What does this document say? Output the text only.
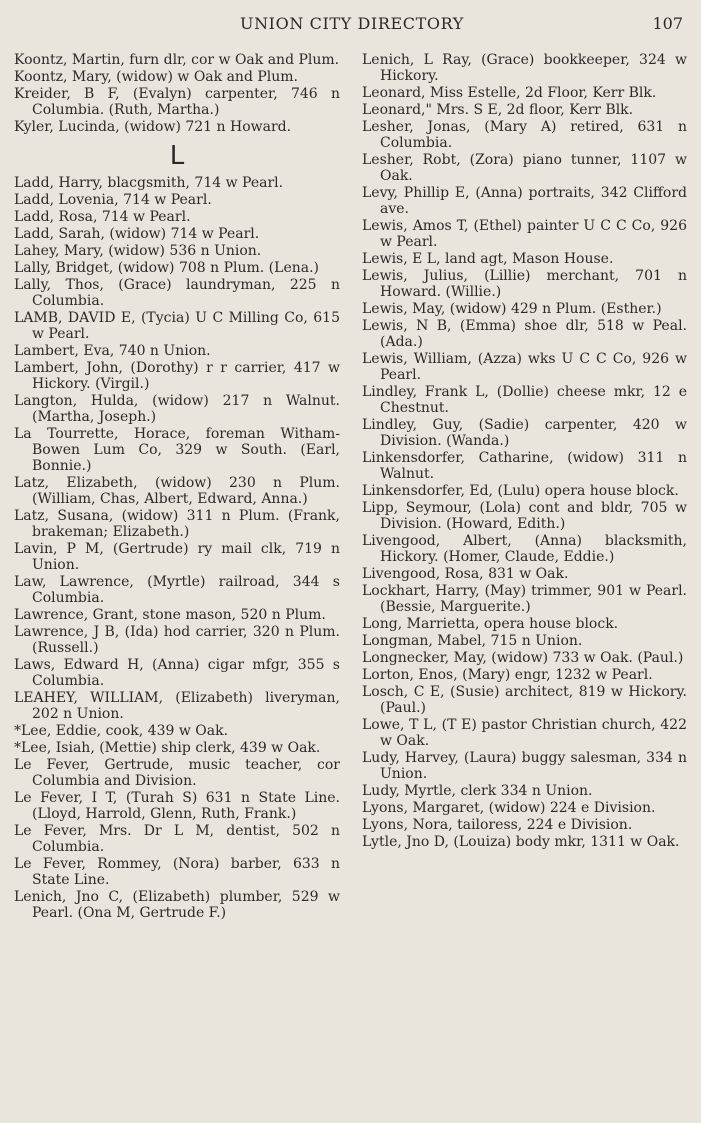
UNION CITY DIRECTORY	107
Koontz, Martin, furn dlr, cor w Oak and Plum.
Koontz, Mary, (widow) w Oak and Plum.
Kreider, B F, (Evalyn) carpenter, 746 n Columbia. (Ruth, Martha.)
Kyler, Lucinda, (widow) 721 n Howard.
L
Ladd, Harry, blacgsmith, 714 w Pearl.
Ladd, Lovenia, 714 w Pearl.
Ladd, Rosa, 714 w Pearl.
Ladd, Sarah, (widow) 714 w Pearl.
Lahey, Mary, (widow) 536 n Union.
Lally, Bridget, (widow) 708 n Plum. (Lena.)
Lally, Thos, (Grace) laundryman, 225 n Columbia.
LAMB, DAVID E, (Tycia) U C Milling Co, 615 w Pearl.
Lambert, Eva, 740 n Union.
Lambert, John, (Dorothy) r r carrier, 417 w Hickory. (Virgil.)
Langton, Hulda, (widow) 217 n Walnut. (Martha, Joseph.)
La Tourrette, Horace, foreman Witham-Bowen Lum Co, 329 w South. (Earl, Bonnie.)
Latz, Elizabeth, (widow) 230 n Plum. (William, Chas, Albert, Edward, Anna.)
Latz, Susana, (widow) 311 n Plum. (Frank, brakeman; Elizabeth.)
Lavin, P M, (Gertrude) ry mail clk, 719 n Union.
Law, Lawrence, (Myrtle) railroad, 344 s Columbia.
Lawrence, Grant, stone mason, 520 n Plum.
Lawrence, J B, (Ida) hod carrier, 320 n Plum. (Russell.)
Laws, Edward H, (Anna) cigar mfgr, 355 s Columbia.
LEAHEY, WILLIAM, (Elizabeth) liveryman, 202 n Union.
*Lee, Eddie, cook, 439 w Oak.
*Lee, Isiah, (Mettie) ship clerk, 439 w Oak.
Le Fever, Gertrude, music teacher, cor Columbia and Division.
Le Fever, I T, (Turah S) 631 n State Line. (Lloyd, Harrold, Glenn, Ruth, Frank.)
Le Fever, Mrs. Dr L M, dentist, 502 n Columbia.
Le Fever, Rommey, (Nora) barber, 633 n State Line.
Lenich, Jno C, (Elizabeth) plumber, 529 w Pearl. (Ona M, Gertrude F.)
Lenich, L Ray, (Grace) bookkeeper, 324 w Hickory.
Leonard, Miss Estelle, 2d Floor, Kerr Blk.
Leonard," Mrs. S E, 2d floor, Kerr Blk.
Lesher, Jonas, (Mary A) retired, 631 n Columbia.
Lesher, Robt, (Zora) piano tunner, 1107 w Oak.
Levy, Phillip E, (Anna) portraits, 342 Clifford ave.
Lewis, Amos T, (Ethel) painter U C C Co, 926 w Pearl.
Lewis, E L, land agt, Mason House.
Lewis, Julius, (Lillie) merchant, 701 n Howard. (Willie.)
Lewis, May, (widow) 429 n Plum. (Esther.)
Lewis, N B, (Emma) shoe dlr, 518 w Peal. (Ada.)
Lewis, William, (Azza) wks U C C Co, 926 w Pearl.
Lindley, Frank L, (Dollie) cheese mkr, 12 e Chestnut.
Lindley, Guy, (Sadie) carpenter, 420 w Division. (Wanda.)
Linkensdorfer, Catharine, (widow) 311 n Walnut.
Linkensdorfer, Ed, (Lulu) opera house block.
Lipp, Seymour, (Lola) cont and bldr, 705 w Division. (Howard, Edith.)
Livengood, Albert, (Anna) blacksmith, Hickory. (Homer, Claude, Eddie.)
Livengood, Rosa, 831 w Oak.
Lockhart, Harry, (May) trimmer, 901 w Pearl. (Bessie, Marguerite.)
Long, Marrietta, opera house block.
Longman, Mabel, 715 n Union.
Longnecker, May, (widow) 733 w Oak. (Paul.)
Lorton, Enos, (Mary) engr, 1232 w Pearl.
Losch, C E, (Susie) architect, 819 w Hickory. (Paul.)
Lowe, T L, (T E) pastor Christian church, 422 w Oak.
Ludy, Harvey, (Laura) buggy salesman, 334 n Union.
Ludy, Myrtle, clerk 334 n Union.
Lyons, Margaret, (widow) 224 e Division.
Lyons, Nora, tailoress, 224 e Division.
Lytle, Jno D, (Louiza) body mkr, 1311 w Oak.
